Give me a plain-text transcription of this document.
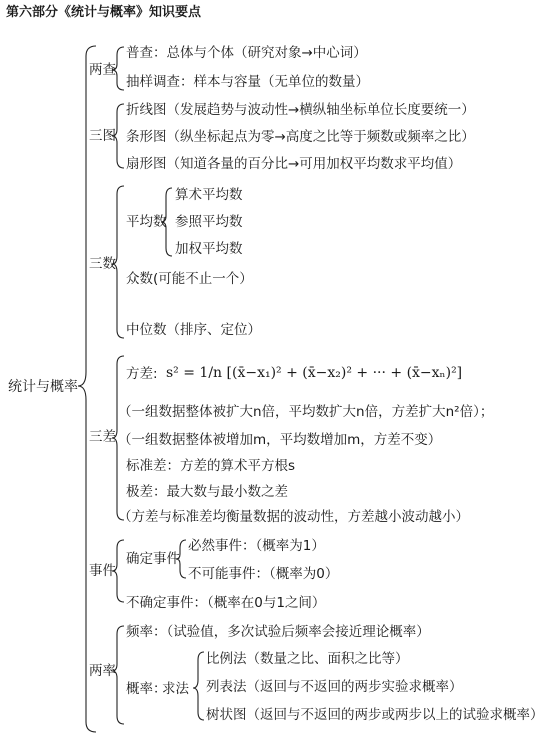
第六部分《统计与概率》知识要点
统计与概率
两查
普查：总体与个体（研究对象→中心词）
抽样调查：样本与容量（无单位的数量）
三图
折线图（发展趋势与波动性→横纵轴坐标单位长度要统一）
条形图（纵坐标起点为零→高度之比等于频数或频率之比）
扇形图（知道各量的百分比→可用加权平均数求平均值）
三数
平均数
算术平均数
参照平均数
加权平均数
众数(可能不止一个）
中位数（排序、定位）
三差
方差: s² = 1/n [(x̄−x₁)² + (x̄−x₂)² + ··· + (x̄−xₙ)²]
（一组数据整体被扩大n倍，平均数扩大n倍，方差扩大n²倍）；
（一组数据整体被增加m，平均数增加m，方差不变）
标准差：方差的算术平方根s
极差：最大数与最小数之差
（方差与标准差均衡量数据的波动性，方差越小波动越小）
事件
确定事件
必然事件：（概率为1）
不可能事件：（概率为0）
不确定事件：（概率在0与1之间）
两率
频率：（试验值，多次试验后频率会接近理论概率）
概率：
求法
比例法（数量之比、面积之比等）
列表法（返回与不返回的两步实验求概率）
树状图（返回与不返回的两步或两步以上的试验求概率）
